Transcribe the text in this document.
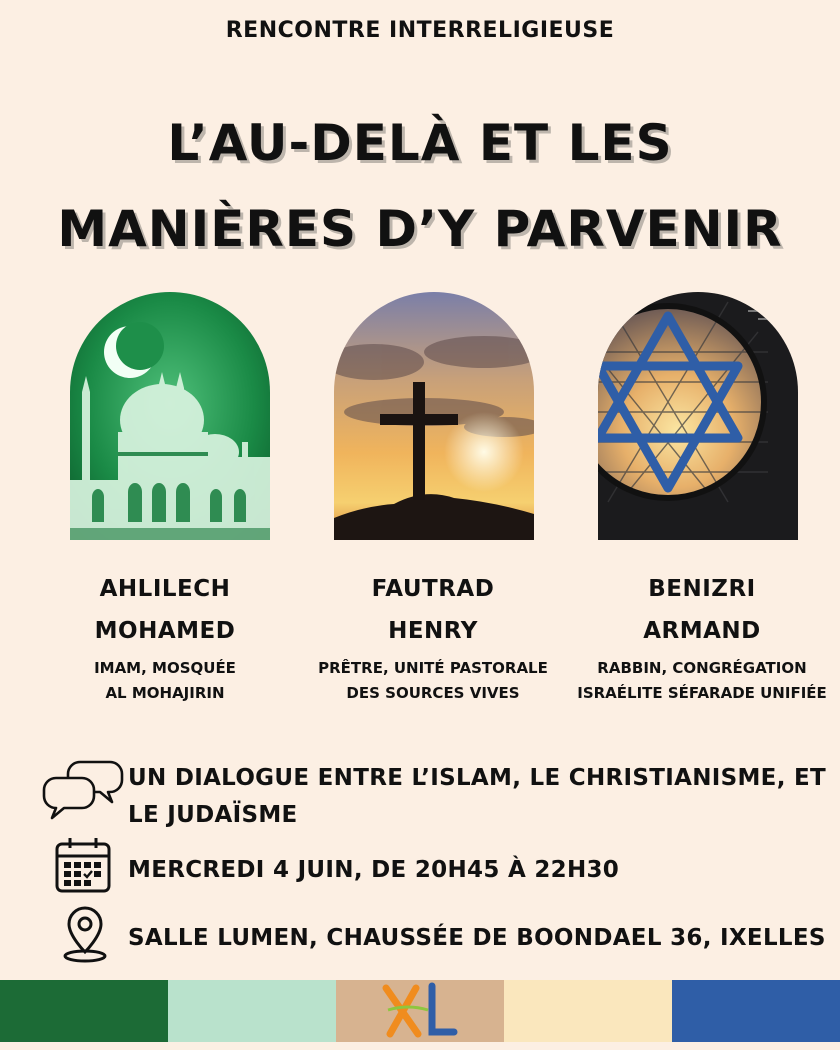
RENCONTRE INTERRELIGIEUSE
L’AU-DELÀ ET LES
MANIÈRES D’Y PARVENIR
AHLILECH
MOHAMED
IMAM, MOSQUÉE
AL MOHAJIRIN
FAUTRAD
HENRY
PRÊTRE, UNITÉ PASTORALE
DES SOURCES VIVES
BENIZRI
ARMAND
RABBIN, CONGRÉGATION
ISRAÉLITE SÉFARADE UNIFIÉE
UN DIALOGUE ENTRE L’ISLAM, LE CHRISTIANISME, ET
LE JUDAÏSME
MERCREDI 4 JUIN, DE 20H45 À 22H30
SALLE LUMEN, CHAUSSÉE DE BOONDAEL 36, IXELLES
